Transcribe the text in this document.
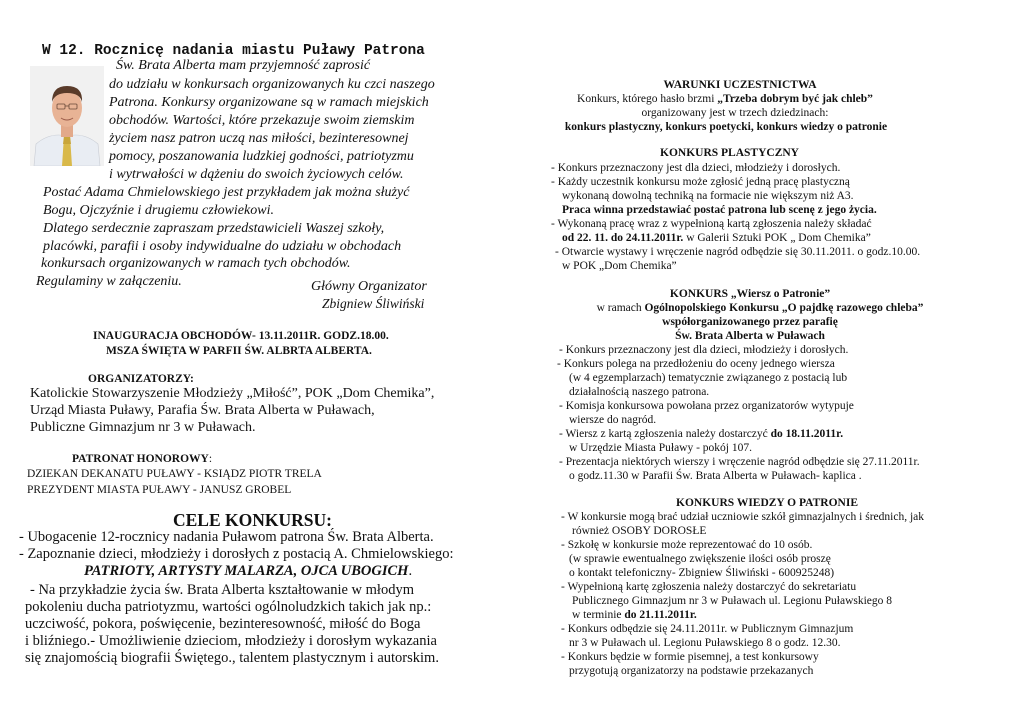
W 12. Rocznicę nadania miastu Puławy Patrona
Św. Brata Alberta mam przyjemność zaprosić
do udziału w konkursach organizowanych ku czci naszego
Patrona. Konkursy organizowane są w ramach miejskich
obchodów. Wartości, które przekazuje swoim ziemskim
życiem nasz patron uczą nas miłości, bezinteresownej
pomocy, poszanowania ludzkiej godności, patriotyzmu
i wytrwałości w dążeniu do swoich życiowych celów.
Postać Adama Chmielowskiego jest przykładem jak można służyć
Bogu, Ojczyźnie i drugiemu człowiekowi.
Dlatego serdecznie zapraszam przedstawicieli Waszej szkoły,
placówki, parafii i osoby indywidualne do udziału w obchodach
konkursach organizowanych w ramach tych obchodów.
Regulaminy w załączeniu.	Główny Organizator
Zbigniew Śliwiński
INAUGURACJA OBCHODÓW- 13.11.2011R. GODZ.18.00.
MSZA ŚWIĘTA W PARFII ŚW. ALBRTA ALBERTA.
ORGANIZATORZY:
Katolickie Stowarzyszenie Młodzieży „Miłość”, POK „Dom Chemika”,
Urząd Miasta Puławy, Parafia Św. Brata Alberta w Puławach,
Publiczne Gimnazjum nr 3 w Puławach.
PATRONAT HONOROWY:
DZIEKAN DEKANATU PUŁAWY - KSIĄDZ PIOTR TRELA
PREZYDENT MIASTA PUŁAWY - JANUSZ GROBEL
CELE KONKURSU:
- Ubogacenie 12-rocznicy nadania Puławom patrona Św. Brata Alberta.
- Zapoznanie dzieci, młodzieży i dorosłych z postacią A. Chmielowskiego:
PATRIOTY, ARTYSTY MALARZA, OJCA UBOGICH.
- Na przykładzie życia św. Brata Alberta kształtowanie w młodym
pokoleniu ducha patriotyzmu, wartości ogólnoludzkich takich jak np.:
uczciwość, pokora, poświęcenie, bezinteresowność, miłość do Boga
i bliźniego.- Umożliwienie dzieciom, młodzieży i dorosłym wykazania
się znajomością biografii Świętego., talentem plastycznym i autorskim.
WARUNKI UCZESTNICTWA
Konkurs, którego hasło brzmi „Trzeba dobrym być jak chleb”
organizowany jest w trzech dziedzinach:
konkurs plastyczny, konkurs poetycki, konkurs wiedzy o patronie
KONKURS PLASTYCZNY
- Konkurs przeznaczony jest dla dzieci, młodzieży i dorosłych.
- Każdy uczestnik konkursu może zgłosić jedną pracę plastyczną
wykonaną dowolną techniką na formacie nie większym niż A3.
Praca winna przedstawiać postać patrona lub scenę z jego życia.
- Wykonaną pracę wraz z wypełnioną kartą zgłoszenia należy składać
od 22. 11. do 24.11.2011r. w Galerii Sztuki POK „ Dom Chemika”
- Otwarcie wystawy i wręczenie nagród odbędzie się 30.11.2011. o godz.10.00.
w POK „Dom Chemika”
KONKURS „Wiersz o Patronie”
w ramach Ogólnopolskiego Konkursu „O pajdkę razowego chleba”
współorganizowanego przez parafię
Św. Brata Alberta w Puławach
- Konkurs przeznaczony jest dla dzieci, młodzieży i dorosłych.
- Konkurs polega na przedłożeniu do oceny jednego wiersza
(w 4 egzemplarzach) tematycznie związanego z postacią lub
działalnością naszego patrona.
- Komisja konkursowa powołana przez organizatorów wytypuje
wiersze do nagród.
- Wiersz z kartą zgłoszenia należy dostarczyć do 18.11.2011r.
w Urzędzie Miasta Puławy - pokój 107.
- Prezentacja niektórych wierszy i wręczenie nagród odbędzie się 27.11.2011r.
o godz.11.30 w Parafii Św. Brata Alberta w Puławach- kaplica .
KONKURS WIEDZY O PATRONIE
- W konkursie mogą brać udział uczniowie szkół gimnazjalnych i średnich, jak
również OSOBY DOROSŁE
- Szkołę w konkursie może reprezentować do 10 osób.
(w sprawie ewentualnego zwiększenie ilości osób proszę
o kontakt telefoniczny- Zbigniew Śliwiński - 600925248)
- Wypełnioną kartę zgłoszenia należy dostarczyć do sekretariatu
Publicznego Gimnazjum nr 3 w Puławach ul. Legionu Puławskiego 8
w terminie do 21.11.2011r.
- Konkurs odbędzie się 24.11.2011r. w Publicznym Gimnazjum
nr 3 w Puławach ul. Legionu Puławskiego 8 o godz. 12.30.
- Konkurs będzie w formie pisemnej, a test konkursowy
przygotują organizatorzy na podstawie przekazanych
